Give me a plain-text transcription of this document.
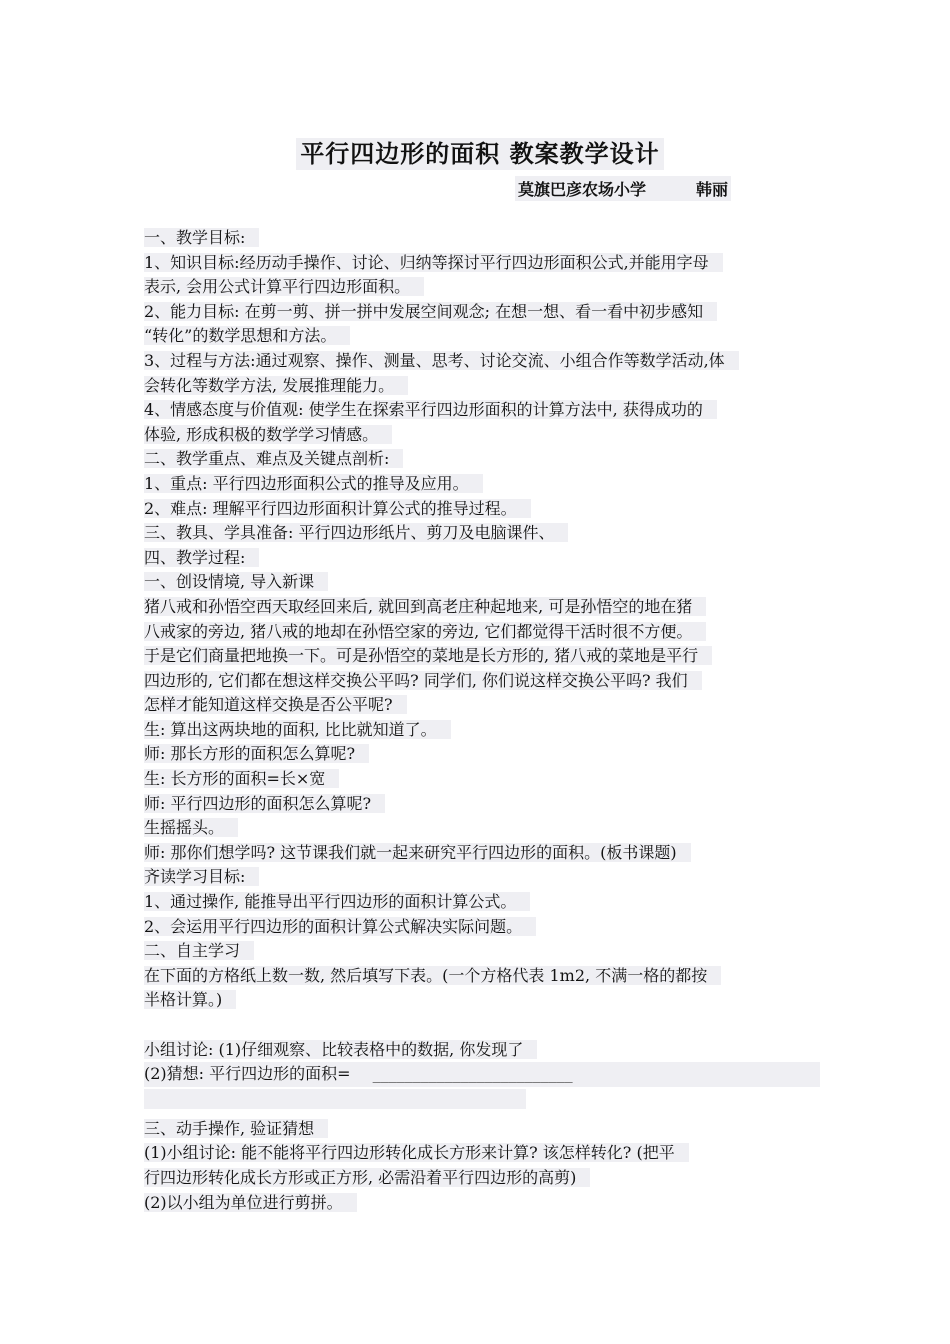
平行四边形的面积 教案教学设计
莫旗巴彦农场小学	韩丽
一、教学目标:
1、知识目标:经历动手操作、讨论、归纳等探讨平行四边形面积公式,并能用字母
表示, 会用公式计算平行四边形面积。
2、能力目标: 在剪一剪、拼一拼中发展空间观念; 在想一想、看一看中初步感知
“转化”的数学思想和方法。
3、过程与方法:通过观察、操作、测量、思考、讨论交流、小组合作等数学活动,体
会转化等数学方法, 发展推理能力。
4、情感态度与价值观: 使学生在探索平行四边形面积的计算方法中, 获得成功的
体验, 形成积极的数学学习情感。
二、教学重点、难点及关键点剖析:
1、重点: 平行四边形面积公式的推导及应用。
2、难点: 理解平行四边形面积计算公式的推导过程。
三、教具、学具准备: 平行四边形纸片、剪刀及电脑课件、
四、教学过程:
一、创设情境, 导入新课
猪八戒和孙悟空西天取经回来后, 就回到高老庄种起地来, 可是孙悟空的地在猪
八戒家的旁边, 猪八戒的地却在孙悟空家的旁边, 它们都觉得干活时很不方便。
于是它们商量把地换一下。可是孙悟空的菜地是长方形的, 猪八戒的菜地是平行
四边形的, 它们都在想这样交换公平吗? 同学们, 你们说这样交换公平吗? 我们
怎样才能知道这样交换是否公平呢?
生: 算出这两块地的面积, 比比就知道了。
师: 那长方形的面积怎么算呢?
生: 长方形的面积=长×宽
师: 平行四边形的面积怎么算呢?
生摇摇头。
师: 那你们想学吗? 这节课我们就一起来研究平行四边形的面积。(板书课题)
齐读学习目标:
1、通过操作, 能推导出平行四边形的面积计算公式。
2、会运用平行四边形的面积计算公式解决实际问题。
二、自主学习
在下面的方格纸上数一数, 然后填写下表。(一个方格代表 1m2, 不满一格的都按
半格计算。)
小组讨论: (1)仔细观察、比较表格中的数据, 你发现了
(2)猜想: 平行四边形的面积= _________________________
三、动手操作, 验证猜想
(1)小组讨论: 能不能将平行四边形转化成长方形来计算? 该怎样转化? (把平
行四边形转化成长方形或正方形, 必需沿着平行四边形的高剪)
(2)以小组为单位进行剪拼。
